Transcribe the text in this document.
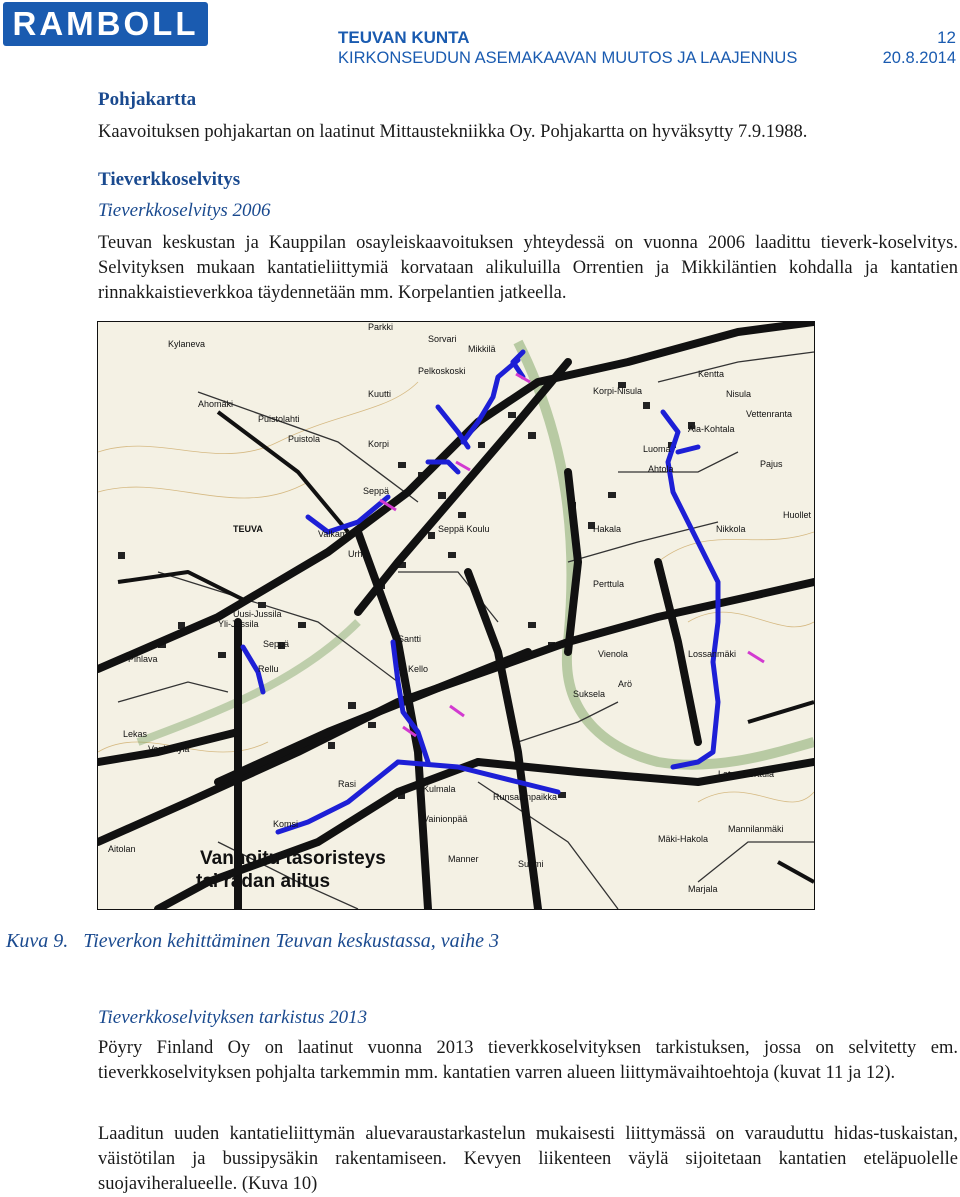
RAMBOLL	TEUVAN KUNTA
KIRKONSEUDUN ASEMAKAAVAN MUUTOS JA LAAJENNUS
12
20.8.2014
Pohjakartta
Kaavoituksen pohjakartan on laatinut Mittaustekniikka Oy. Pohjakartta on hyväksytty 7.9.1988.
Tieverkkoselvitys
Tieverkkoselvitys 2006
Teuvan keskustan ja Kauppilan osayleiskaavoituksen yhteydessä on vuonna 2006 laadittu tieverk-koselvitys. Selvityksen mukaan kantatieliittymiä korvataan alikuluilla Orrentien ja Mikkiläntien kohdalla ja kantatien rinnakkaistieverkkoa täydennetään mm. Korpelantien jatkeella.
Kylanevа
Parkki
Sorvari
Mikkilä
Ahomäki
Pelkoskoski
Kuutti
Puistolahti
Puistola	Korpi
Ala-Kohtala
Kentta
Nisula
Vettenranta
Pajus
Korpi-Nisula
Luoma
Ahtola
Seppä
Seppä Koulu	Hakala	Nikkola
Huollet
TEUVA	Valkama
Urh.
Perttula
Uusi-Jussila
Yli-Jussila
Santti
Kello
Vienola
Arö
Lossanmäki
Pihlava
Rellu
Suksela
Seppä
Lekas
Vanhakylä
Latva-Perttula
Rasi	Kulmala
Runsalanpaikka
Komsi	Vainionpää
Mäki-Hakola
Mannilanmäki
Aitolan
Manner	Suomi
Marjala
Vanhoitu tasoristeys
tai radan alitus
Kuva 9. Tieverkon kehittäminen Teuvan keskustassa, vaihe 3
Tieverkkoselvityksen tarkistus 2013
Pöyry Finland Oy on laatinut vuonna 2013 tieverkkoselvityksen tarkistuksen, jossa on selvitetty em. tieverkkoselvityksen pohjalta tarkemmin mm. kantatien varren alueen liittymävaihtoehtoja (kuvat 11 ja 12).
Laaditun uuden kantatieliittymän aluevaraustarkastelun mukaisesti liittymässä on varauduttu hidas-tuskaistan, väistötilan ja bussipysäkin rakentamiseen. Kevyen liikenteen väylä sijoitetaan kantatien eteläpuolelle suojaviheralueelle. (Kuva 10)
